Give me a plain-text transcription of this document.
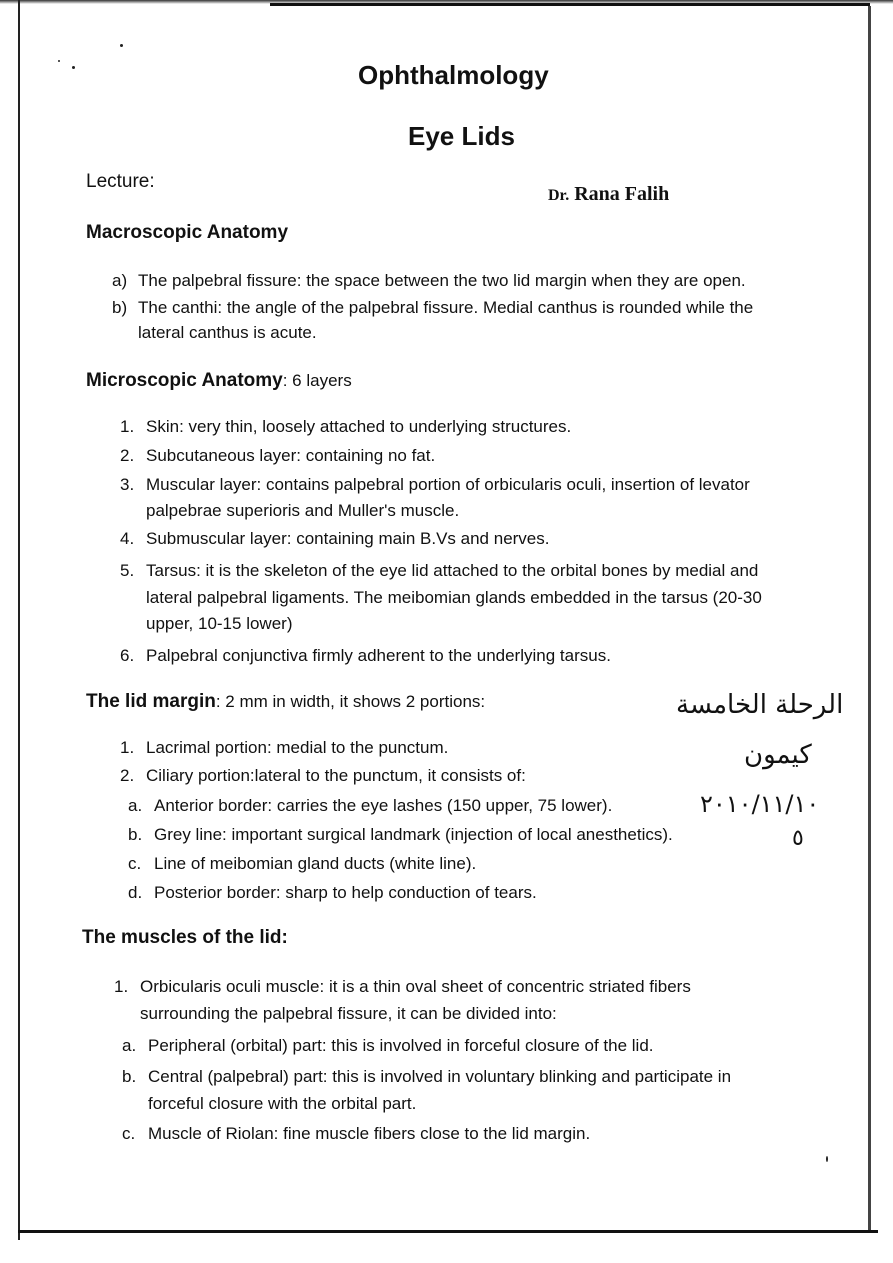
Ophthalmology
Eye Lids
Lecture:
Dr. Rana Falih
Macroscopic Anatomy
a) The palpebral fissure: the space between the two lid margin when they are open.
b) The canthi: the angle of the palpebral fissure. Medial canthus is rounded while the
lateral canthus is acute.
Microscopic Anatomy: 6 layers
1. Skin: very thin, loosely attached to underlying structures.
2. Subcutaneous layer: containing no fat.
3. Muscular layer: contains palpebral portion of orbicularis oculi, insertion of levator
palpebrae superioris and Muller's muscle.
4. Submuscular layer: containing main B.Vs and nerves.
5. Tarsus: it is the skeleton of the eye lid attached to the orbital bones by medial and
lateral palpebral ligaments. The meibomian glands embedded in the tarsus (20-30
upper, 10-15 lower)
6. Palpebral conjunctiva firmly adherent to the underlying tarsus.
The lid margin: 2 mm in width, it shows 2 portions:
1. Lacrimal portion: medial to the punctum.
2. Ciliary portion:lateral to the punctum, it consists of:
a. Anterior border: carries the eye lashes (150 upper, 75 lower).
b. Grey line: important surgical landmark (injection of local anesthetics).
c. Line of meibomian gland ducts (white line).
d. Posterior border: sharp to help conduction of tears.
The muscles of the lid:
1. Orbicularis oculi muscle: it is a thin oval sheet of concentric striated fibers
surrounding the palpebral fissure, it can be divided into:
a. Peripheral (orbital) part: this is involved in forceful closure of the lid.
b. Central (palpebral) part: this is involved in voluntary blinking and participate in
forceful closure with the orbital part.
c. Muscle of Riolan: fine muscle fibers close to the lid margin.
الرحلة الخامسة
كيمون
٢٠١٠/١١/١٠
٥
